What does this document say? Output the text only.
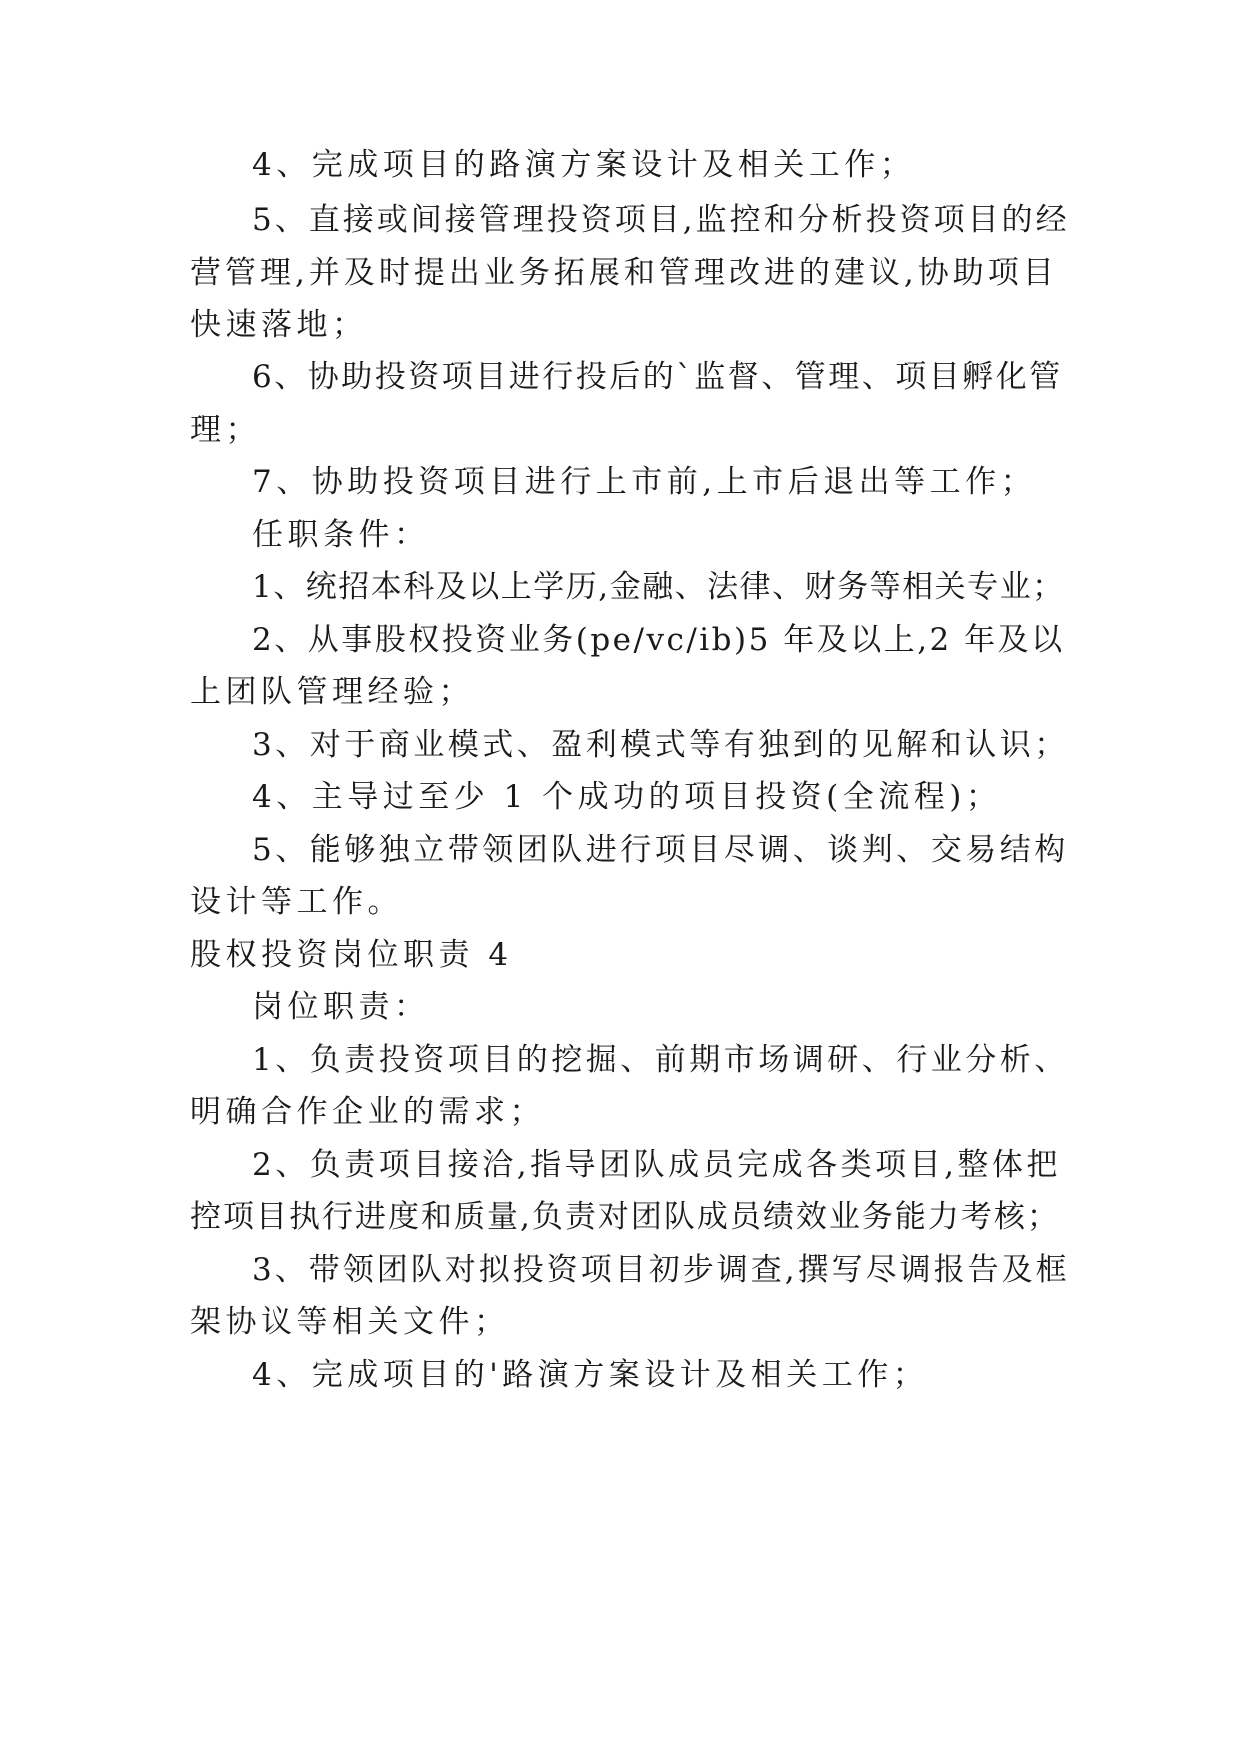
4、完成项目的路演方案设计及相关工作；
5、直接或间接管理投资项目,监控和分析投资项目的经
营管理,并及时提出业务拓展和管理改进的建议,协助项目
快速落地；
6、协助投资项目进行投后的`监督、管理、项目孵化管
理；
7、协助投资项目进行上市前,上市后退出等工作；
任职条件：
1、统招本科及以上学历,金融、法律、财务等相关专业；
2、从事股权投资业务(pe/vc/ib)5 年及以上,2 年及以
上团队管理经验；
3、对于商业模式、盈利模式等有独到的见解和认识；
4、主导过至少 1 个成功的项目投资(全流程)；
5、能够独立带领团队进行项目尽调、谈判、交易结构
设计等工作。
股权投资岗位职责 4
岗位职责：
1、负责投资项目的挖掘、前期市场调研、行业分析、
明确合作企业的需求；
2、负责项目接洽,指导团队成员完成各类项目,整体把
控项目执行进度和质量,负责对团队成员绩效业务能力考核；
3、带领团队对拟投资项目初步调查,撰写尽调报告及框
架协议等相关文件；
4、完成项目的'路演方案设计及相关工作；
